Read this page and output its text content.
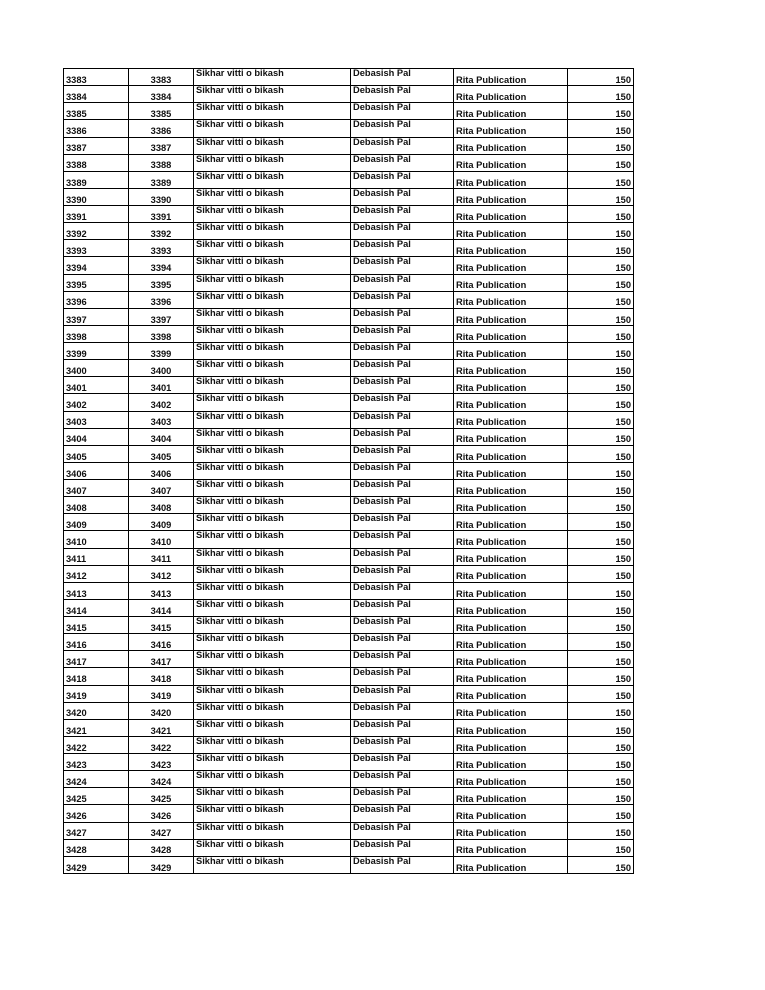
3383	3383	Sikhar vitti o bikash	Debasish Pal	Rita Publication	150
3384	3384	Sikhar vitti o bikash	Debasish Pal	Rita Publication	150
3385	3385	Sikhar vitti o bikash	Debasish Pal	Rita Publication	150
3386	3386	Sikhar vitti o bikash	Debasish Pal	Rita Publication	150
3387	3387	Sikhar vitti o bikash	Debasish Pal	Rita Publication	150
3388	3388	Sikhar vitti o bikash	Debasish Pal	Rita Publication	150
3389	3389	Sikhar vitti o bikash	Debasish Pal	Rita Publication	150
3390	3390	Sikhar vitti o bikash	Debasish Pal	Rita Publication	150
3391	3391	Sikhar vitti o bikash	Debasish Pal	Rita Publication	150
3392	3392	Sikhar vitti o bikash	Debasish Pal	Rita Publication	150
3393	3393	Sikhar vitti o bikash	Debasish Pal	Rita Publication	150
3394	3394	Sikhar vitti o bikash	Debasish Pal	Rita Publication	150
3395	3395	Sikhar vitti o bikash	Debasish Pal	Rita Publication	150
3396	3396	Sikhar vitti o bikash	Debasish Pal	Rita Publication	150
3397	3397	Sikhar vitti o bikash	Debasish Pal	Rita Publication	150
3398	3398	Sikhar vitti o bikash	Debasish Pal	Rita Publication	150
3399	3399	Sikhar vitti o bikash	Debasish Pal	Rita Publication	150
3400	3400	Sikhar vitti o bikash	Debasish Pal	Rita Publication	150
3401	3401	Sikhar vitti o bikash	Debasish Pal	Rita Publication	150
3402	3402	Sikhar vitti o bikash	Debasish Pal	Rita Publication	150
3403	3403	Sikhar vitti o bikash	Debasish Pal	Rita Publication	150
3404	3404	Sikhar vitti o bikash	Debasish Pal	Rita Publication	150
3405	3405	Sikhar vitti o bikash	Debasish Pal	Rita Publication	150
3406	3406	Sikhar vitti o bikash	Debasish Pal	Rita Publication	150
3407	3407	Sikhar vitti o bikash	Debasish Pal	Rita Publication	150
3408	3408	Sikhar vitti o bikash	Debasish Pal	Rita Publication	150
3409	3409	Sikhar vitti o bikash	Debasish Pal	Rita Publication	150
3410	3410	Sikhar vitti o bikash	Debasish Pal	Rita Publication	150
3411	3411	Sikhar vitti o bikash	Debasish Pal	Rita Publication	150
3412	3412	Sikhar vitti o bikash	Debasish Pal	Rita Publication	150
3413	3413	Sikhar vitti o bikash	Debasish Pal	Rita Publication	150
3414	3414	Sikhar vitti o bikash	Debasish Pal	Rita Publication	150
3415	3415	Sikhar vitti o bikash	Debasish Pal	Rita Publication	150
3416	3416	Sikhar vitti o bikash	Debasish Pal	Rita Publication	150
3417	3417	Sikhar vitti o bikash	Debasish Pal	Rita Publication	150
3418	3418	Sikhar vitti o bikash	Debasish Pal	Rita Publication	150
3419	3419	Sikhar vitti o bikash	Debasish Pal	Rita Publication	150
3420	3420	Sikhar vitti o bikash	Debasish Pal	Rita Publication	150
3421	3421	Sikhar vitti o bikash	Debasish Pal	Rita Publication	150
3422	3422	Sikhar vitti o bikash	Debasish Pal	Rita Publication	150
3423	3423	Sikhar vitti o bikash	Debasish Pal	Rita Publication	150
3424	3424	Sikhar vitti o bikash	Debasish Pal	Rita Publication	150
3425	3425	Sikhar vitti o bikash	Debasish Pal	Rita Publication	150
3426	3426	Sikhar vitti o bikash	Debasish Pal	Rita Publication	150
3427	3427	Sikhar vitti o bikash	Debasish Pal	Rita Publication	150
3428	3428	Sikhar vitti o bikash	Debasish Pal	Rita Publication	150
3429	3429	Sikhar vitti o bikash	Debasish Pal	Rita Publication	150
